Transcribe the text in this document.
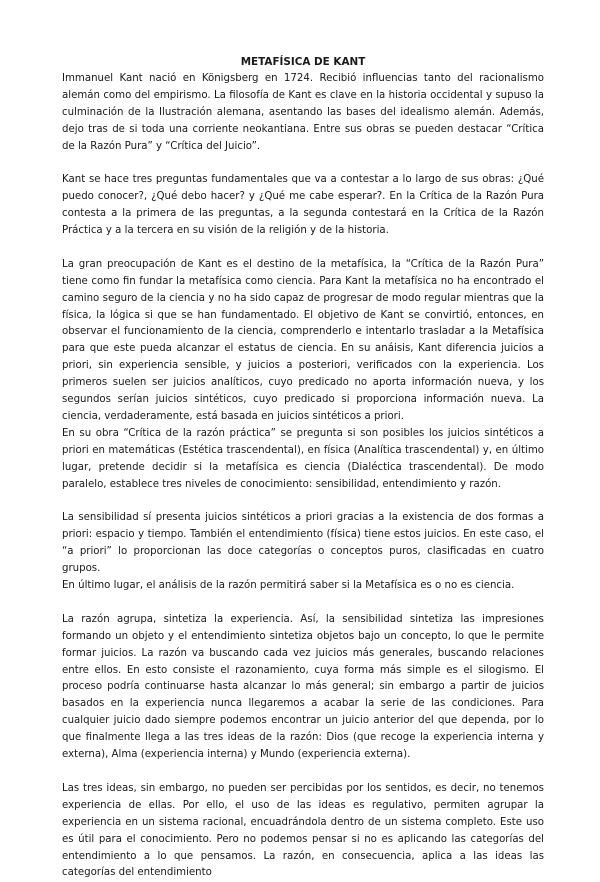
METAFÍSICA DE KANT

Immanuel Kant nació en Königsberg en 1724. Recibió influencias tanto del racionalismo alemán como del empirismo. La filosofía de Kant es clave en la historia occidental y supuso la culminación de la Ilustración alemana, asentando las bases del idealismo alemán. Además, dejo tras de si toda una corriente neokantiana. Entre sus obras se pueden destacar “Crítica de la Razón Pura” y “Crítica del Juicio”.

Kant se hace tres preguntas fundamentales que va a contestar a lo largo de sus obras: ¿Qué puedo conocer?, ¿Qué debo hacer? y ¿Qué me cabe esperar?. En la Crítica de la Razón Pura contesta a la primera de las preguntas, a la segunda contestará en la Crítica de la Razón Práctica y a la tercera en su visión de la religión y de la historia.

La gran preocupación de Kant es el destino de la metafísica, la “Crítica de la Razón Pura” tiene como fin fundar la metafísica como ciencia. Para Kant la metafísica no ha encontrado el camino seguro de la ciencia y no ha sido capaz de progresar de modo regular mientras que la física, la lógica si que se han fundamentado. El objetivo de Kant se convirtió, entonces, en observar el funcionamiento de la ciencia, comprenderlo e intentarlo trasladar a la Metafísica para que este pueda alcanzar el estatus de ciencia. En su anáisis, Kant diferencia juicios a priori, sin experiencia sensible, y juicios a posteriori, verificados con la experiencia. Los primeros suelen ser juicios analíticos, cuyo predicado no aporta información nueva, y los segundos serían juicios sintéticos, cuyo predicado si proporciona información nueva. La ciencia, verdaderamente, está basada en juicios sintéticos a priori.

En su obra “Crítica de la razón práctica” se pregunta si son posibles los juicios sintéticos a priori en matemáticas (Estética trascendental), en física (Analítica trascendental) y, en último lugar, pretende decidir si la metafísica es ciencia (Dialéctica trascendental). De modo paralelo, establece tres niveles de conocimiento: sensibilidad, entendimiento y razón.

La sensibilidad sí presenta juicios sintéticos a priori gracias a la existencia de dos formas a priori: espacio y tiempo. También el entendimiento (física) tiene estos juicios. En este caso, el “a priori” lo proporcionan las doce categorías o conceptos puros, clasificadas en cuatro grupos.

En último lugar, el análisis de la razón permitirá saber si la Metafísica es o no es ciencia.

La razón agrupa, sintetiza la experiencia. Así, la sensibilidad sintetiza las impresiones formando un objeto y el entendimiento sintetiza objetos bajo un concepto, lo que le permite formar juicios. La razón va buscando cada vez juicios más generales, buscando relaciones entre ellos. En esto consiste el razonamiento, cuya forma más simple es el silogismo. El proceso podría continuarse hasta alcanzar lo más general; sin embargo a partir de juicios basados en la experiencia nunca llegaremos a acabar la serie de las condiciones. Para cualquier juicio dado siempre podemos encontrar un juicio anterior del que dependa, por lo que finalmente llega a las tres ideas de la razón: Dios (que recoge la experiencia interna y externa), Alma (experiencia interna) y Mundo (experiencia externa).

Las tres ideas, sin embargo, no pueden ser percibidas por los sentidos, es decir, no tenemos experiencia de ellas. Por ello, el uso de las ideas es regulativo, permiten agrupar la experiencia en un sistema racional, encuadrándola dentro de un sistema completo. Este uso es útil para el conocimiento. Pero no podemos pensar si no es aplicando las categorías del entendimiento a lo que pensamos. La razón, en consecuencia, aplica a las ideas las categorías del entendimiento
